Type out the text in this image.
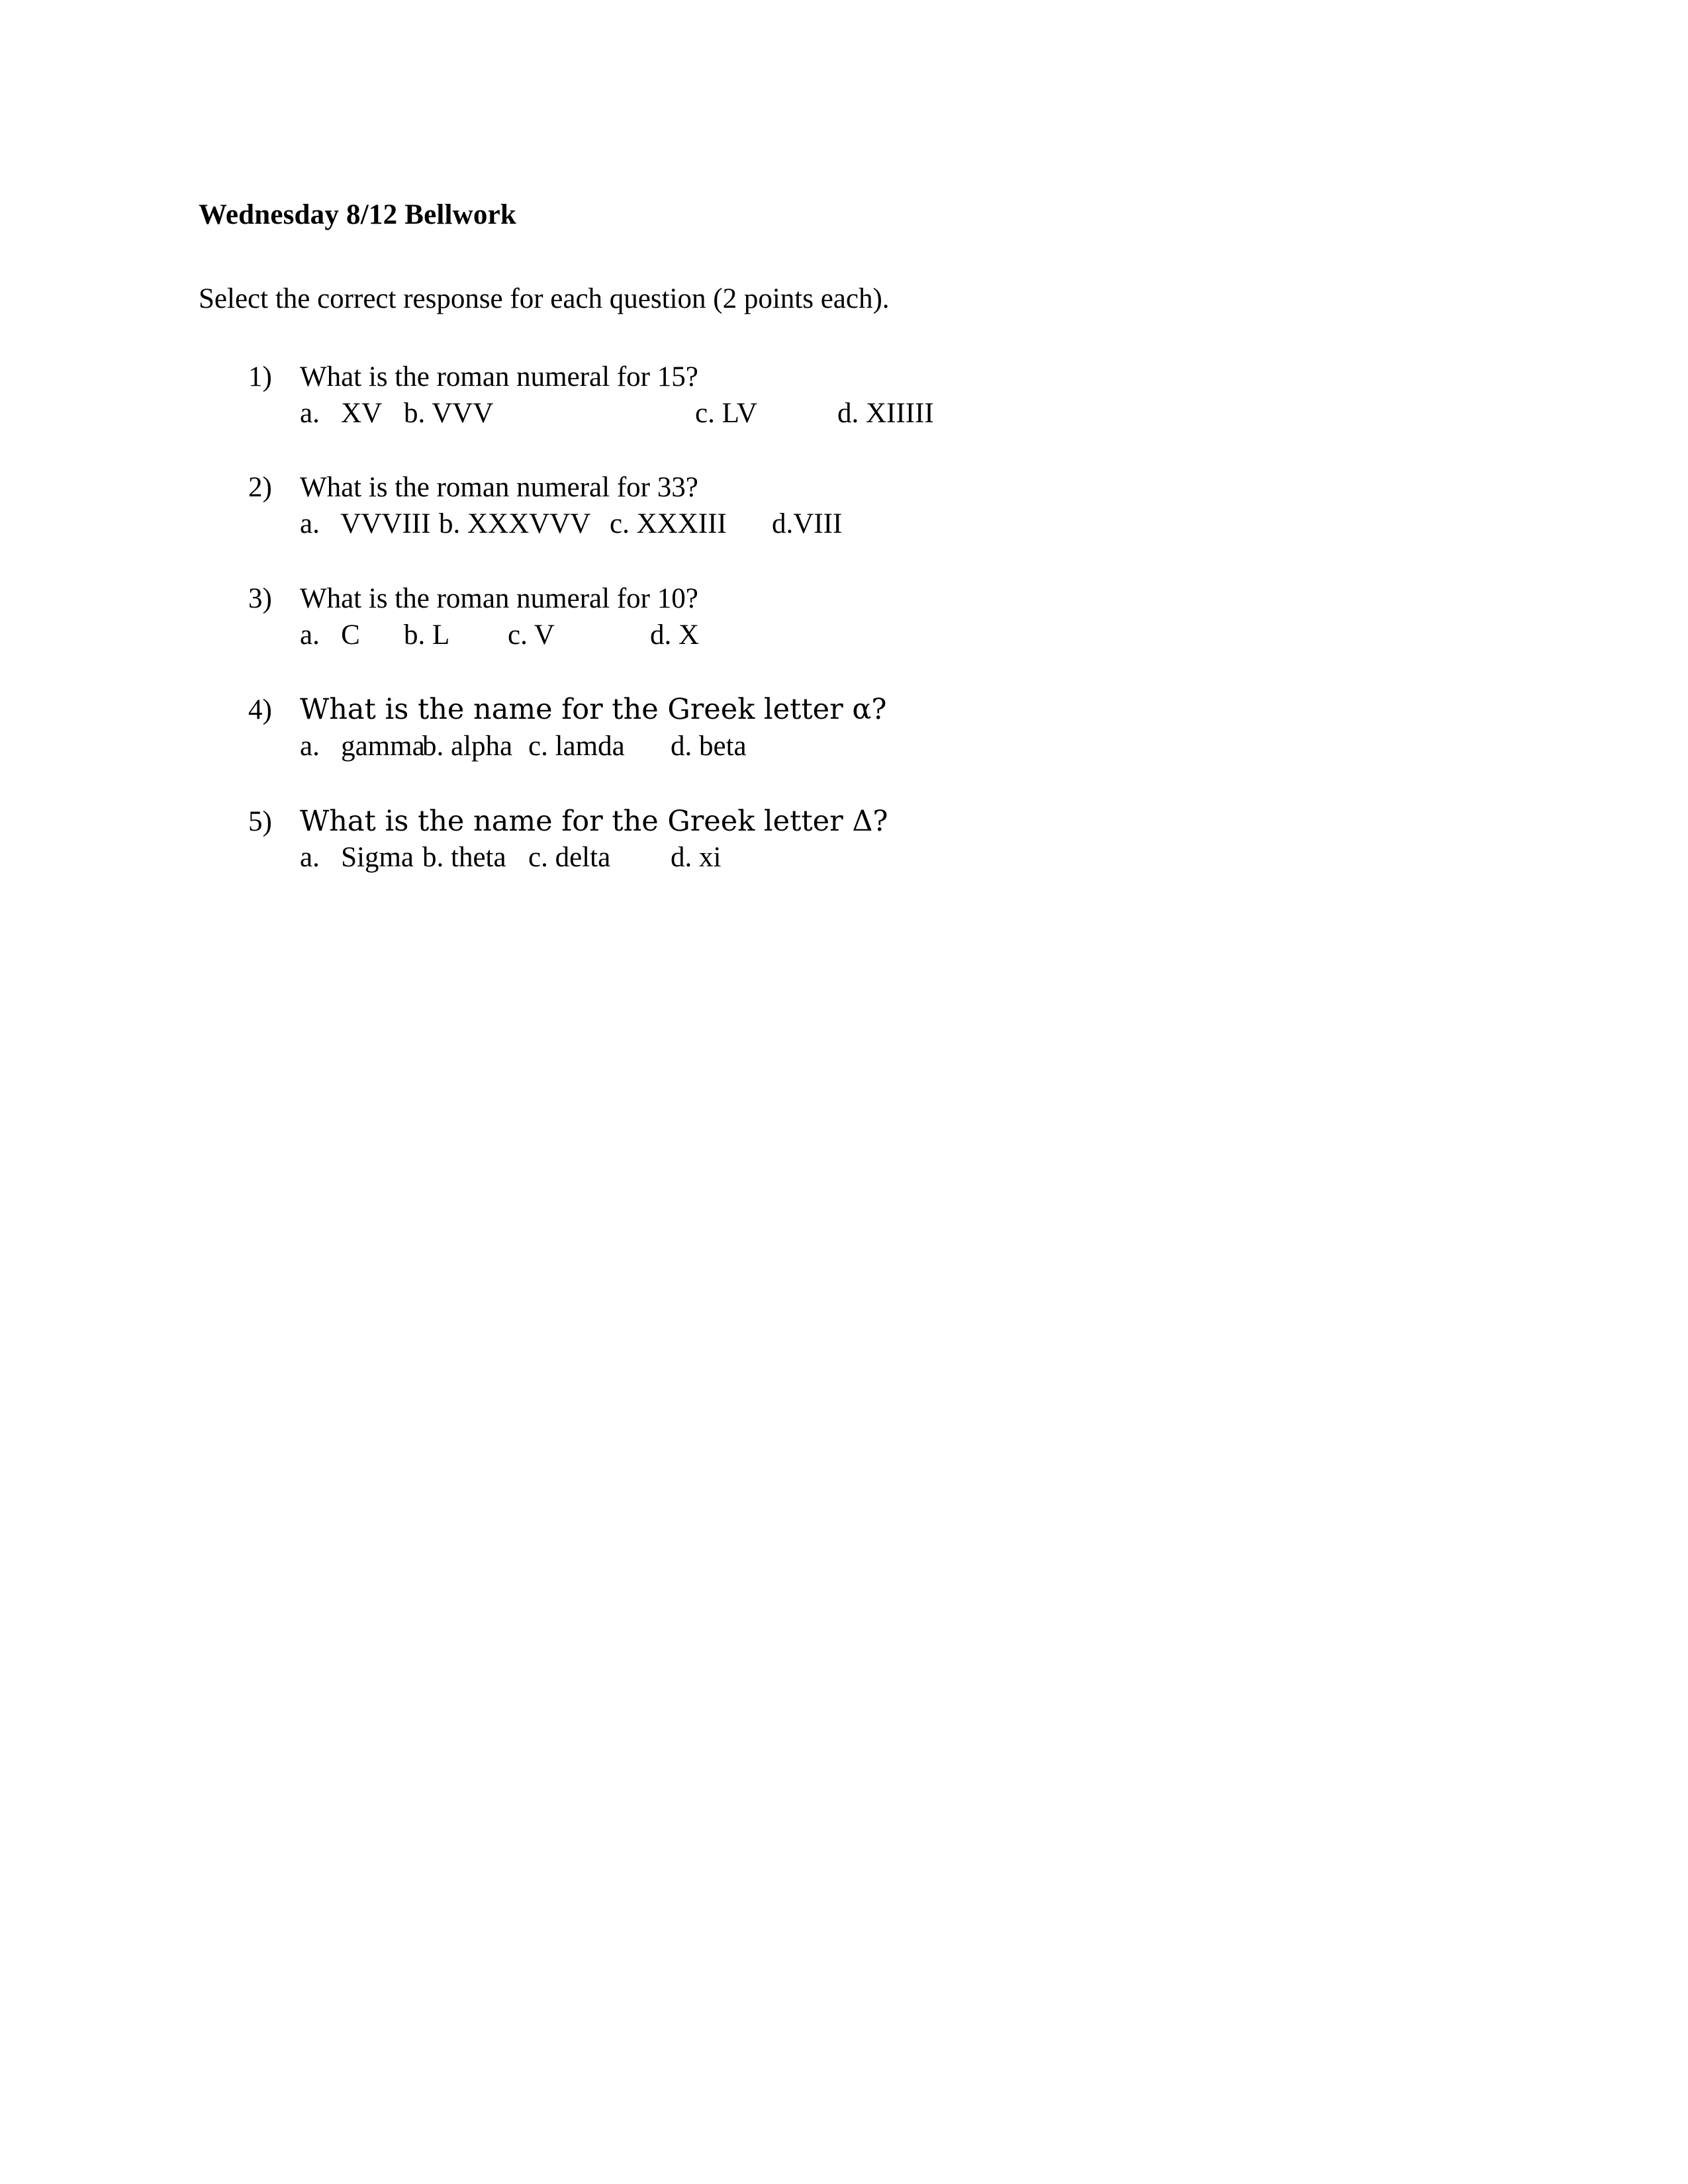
Wednesday 8/12 Bellwork

Select the correct response for each question (2 points each).

1) What is the roman numeral for 15?
a.   XV b. VVV	c. LV	d. XIIIII
2) What is the roman numeral for 33?
a.   VVVIII b. XXXVVV c. XXXIII	d.VIII
3) What is the roman numeral for 10?
a.   C	b. L	c. V	d. X
4) What is the name for the Greek letter α?
a.   gamma
b. alpha c. lamda	d. beta
5) What is the name for the Greek letter Δ?
a.   Sigma b. theta c. delta	d. xi
